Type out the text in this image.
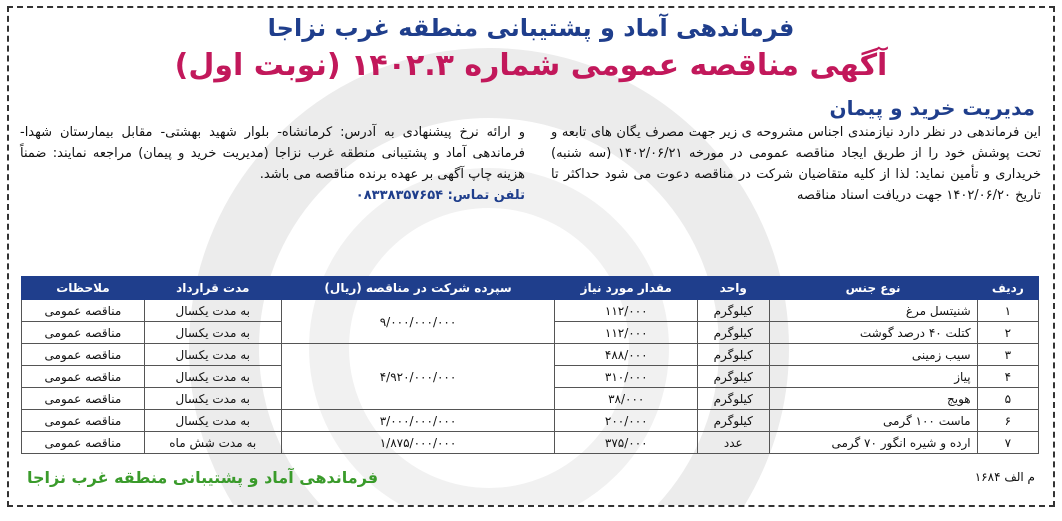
فرماندهی آماد و پشتیبانی منطقه غرب نزاجا
آگهی مناقصه عمومی شماره ۱۴۰۲.۳ (نوبت اول)
مدیریت خرید و پیمان
این فرماندهی در نظر دارد نیازمندی اجناس مشروحه ی زیر جهت مصرف یگان های تابعه و تحت پوشش خود را از طریق ایجاد مناقصه عمومی در مورخه ۱۴۰۲/۰۶/۲۱ (سه شنبه) خریداری و تأمین نماید: لذا از کلیه متقاضیان شرکت در مناقصه دعوت می شود حداکثر تا تاریخ ۱۴۰۲/۰۶/۲۰ جهت دریافت اسناد مناقصه
و ارائه نرخ پیشنهادی به آدرس: کرمانشاه- بلوار شهید بهشتی- مقابل بیمارستان شهدا- فرماندهی آماد و پشتیبانی منطقه غرب نزاجا (مدیریت خرید و پیمان) مراجعه نمایند: ضمناً هزینه چاپ آگهی بر عهده برنده مناقصه می باشد.
تلفن تماس: ۰۸۳۳۸۳۵۷۶۵۴
ردیف	نوع جنس	واحد	مقدار مورد نیاز	سپرده شرکت در مناقصه (ریال)	مدت قرارداد	ملاحظات
۱	شنیتسل مرغ	کیلوگرم	۱۱۲/۰۰۰	۹/۰۰۰/۰۰۰/۰۰۰	به مدت یکسال	مناقصه عمومی
۲	کتلت ۴۰ درصد گوشت	کیلوگرم	۱۱۲/۰۰۰		به مدت یکسال	مناقصه عمومی
۳	سیب زمینی	کیلوگرم	۴۸۸/۰۰۰	۴/۹۲۰/۰۰۰/۰۰۰	به مدت یکسال	مناقصه عمومی
۴	پیاز	کیلوگرم	۳۱۰/۰۰۰		به مدت یکسال	مناقصه عمومی
۵	هویج	کیلوگرم	۳۸/۰۰۰		به مدت یکسال	مناقصه عمومی
۶	ماست ۱۰۰ گرمی	کیلوگرم	۲۰۰/۰۰۰	۳/۰۰۰/۰۰۰/۰۰۰	به مدت یکسال	مناقصه عمومی
۷	ارده و شیره انگور ۷۰ گرمی	عدد	۳۷۵/۰۰۰	۱/۸۷۵/۰۰۰/۰۰۰	به مدت شش ماه	مناقصه عمومی
م الف ۱۶۸۴
فرماندهی آماد و پشتیبانی منطقه غرب نزاجا
